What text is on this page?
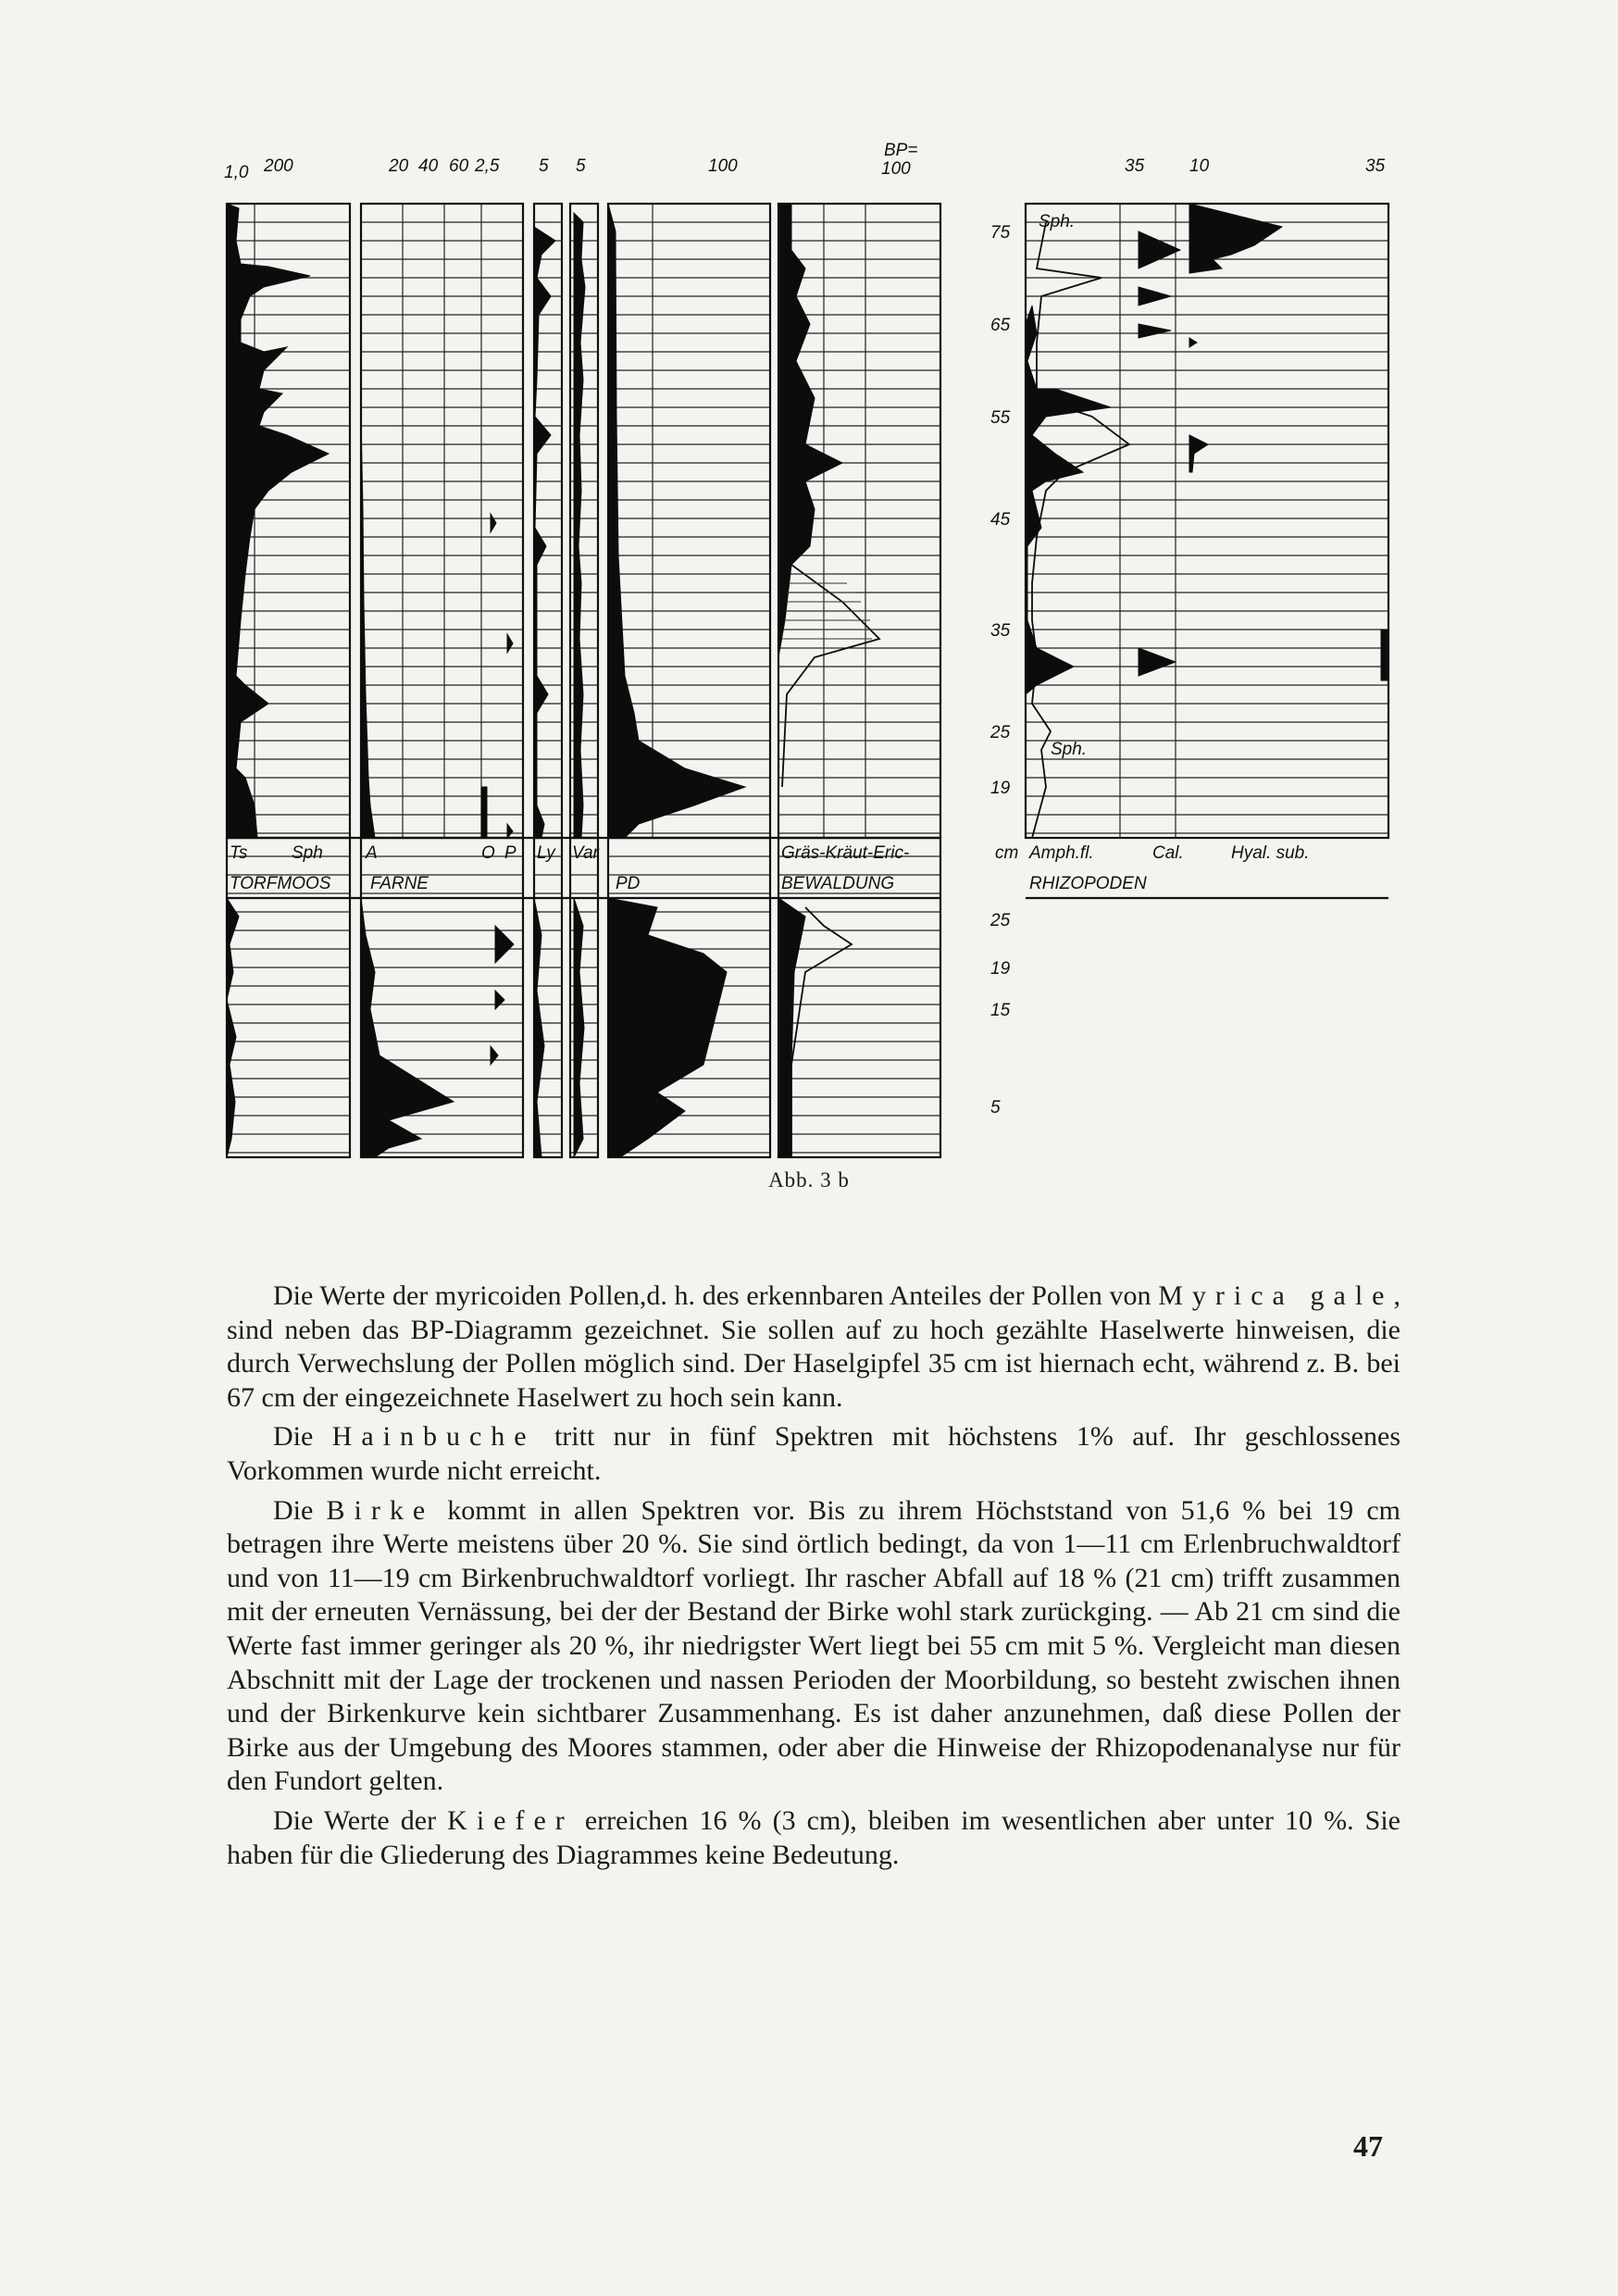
1,0 200	20 40 60 2,5 5 5	100
BP=
100	35	10	35
75
65
55
45
35
25
19
25
19
15
5
cm
Ts	Sph A	O P Ly Var	Gräs-Kräut-Eric-
Sph.
Sph.
Amph.fl.	Cal.	Hyal. sub.
TORFMOOS FARNE	PD	BEWALDUNG	RHIZOPODEN
Abb. 3 b

Die Werte der myricoiden Pollen,d. h. des erkennbaren Anteiles der Pollen von Myrica gale, sind neben das BP-Diagramm gezeichnet. Sie sollen auf zu hoch gezählte Haselwerte hinweisen, die durch Verwechslung der Pollen möglich sind. Der Haselgipfel 35 cm ist hiernach echt, während z. B. bei 67 cm der eingezeichnete Haselwert zu hoch sein kann.

Die Hainbuche tritt nur in fünf Spektren mit höchstens 1% auf. Ihr geschlossenes Vorkommen wurde nicht erreicht.

Die Birke kommt in allen Spektren vor. Bis zu ihrem Höchststand von 51,6 % bei 19 cm betragen ihre Werte meistens über 20 %. Sie sind örtlich bedingt, da von 1—11 cm Erlenbruchwaldtorf und von 11—19 cm Birkenbruchwaldtorf vorliegt. Ihr rascher Abfall auf 18 % (21 cm) trifft zusammen mit der erneuten Vernässung, bei der der Bestand der Birke wohl stark zurückging. — Ab 21 cm sind die Werte fast immer geringer als 20 %, ihr niedrigster Wert liegt bei 55 cm mit 5 %. Vergleicht man diesen Abschnitt mit der Lage der trockenen und nassen Perioden der Moorbildung, so besteht zwischen ihnen und der Birkenkurve kein sichtbarer Zusammenhang. Es ist daher anzunehmen, daß diese Pollen der Birke aus der Umgebung des Moores stammen, oder aber die Hinweise der Rhizopodenanalyse nur für den Fundort gelten.

Die Werte der Kiefer erreichen 16 % (3 cm), bleiben im wesentlichen aber unter 10 %. Sie haben für die Gliederung des Diagrammes keine Bedeutung.

47
